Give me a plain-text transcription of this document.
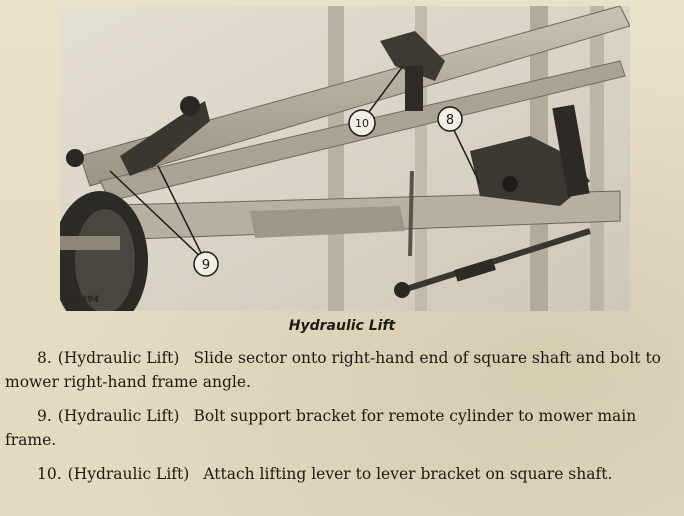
8
9
10
40994
Hydraulic Lift

8. (Hydraulic Lift) Slide sector onto right-hand end of square shaft and bolt to mower right-hand frame angle.

9. (Hydraulic Lift) Bolt support bracket for remote cylinder to mower main frame.

10. (Hydraulic Lift) Attach lifting lever to lever bracket on square shaft.
